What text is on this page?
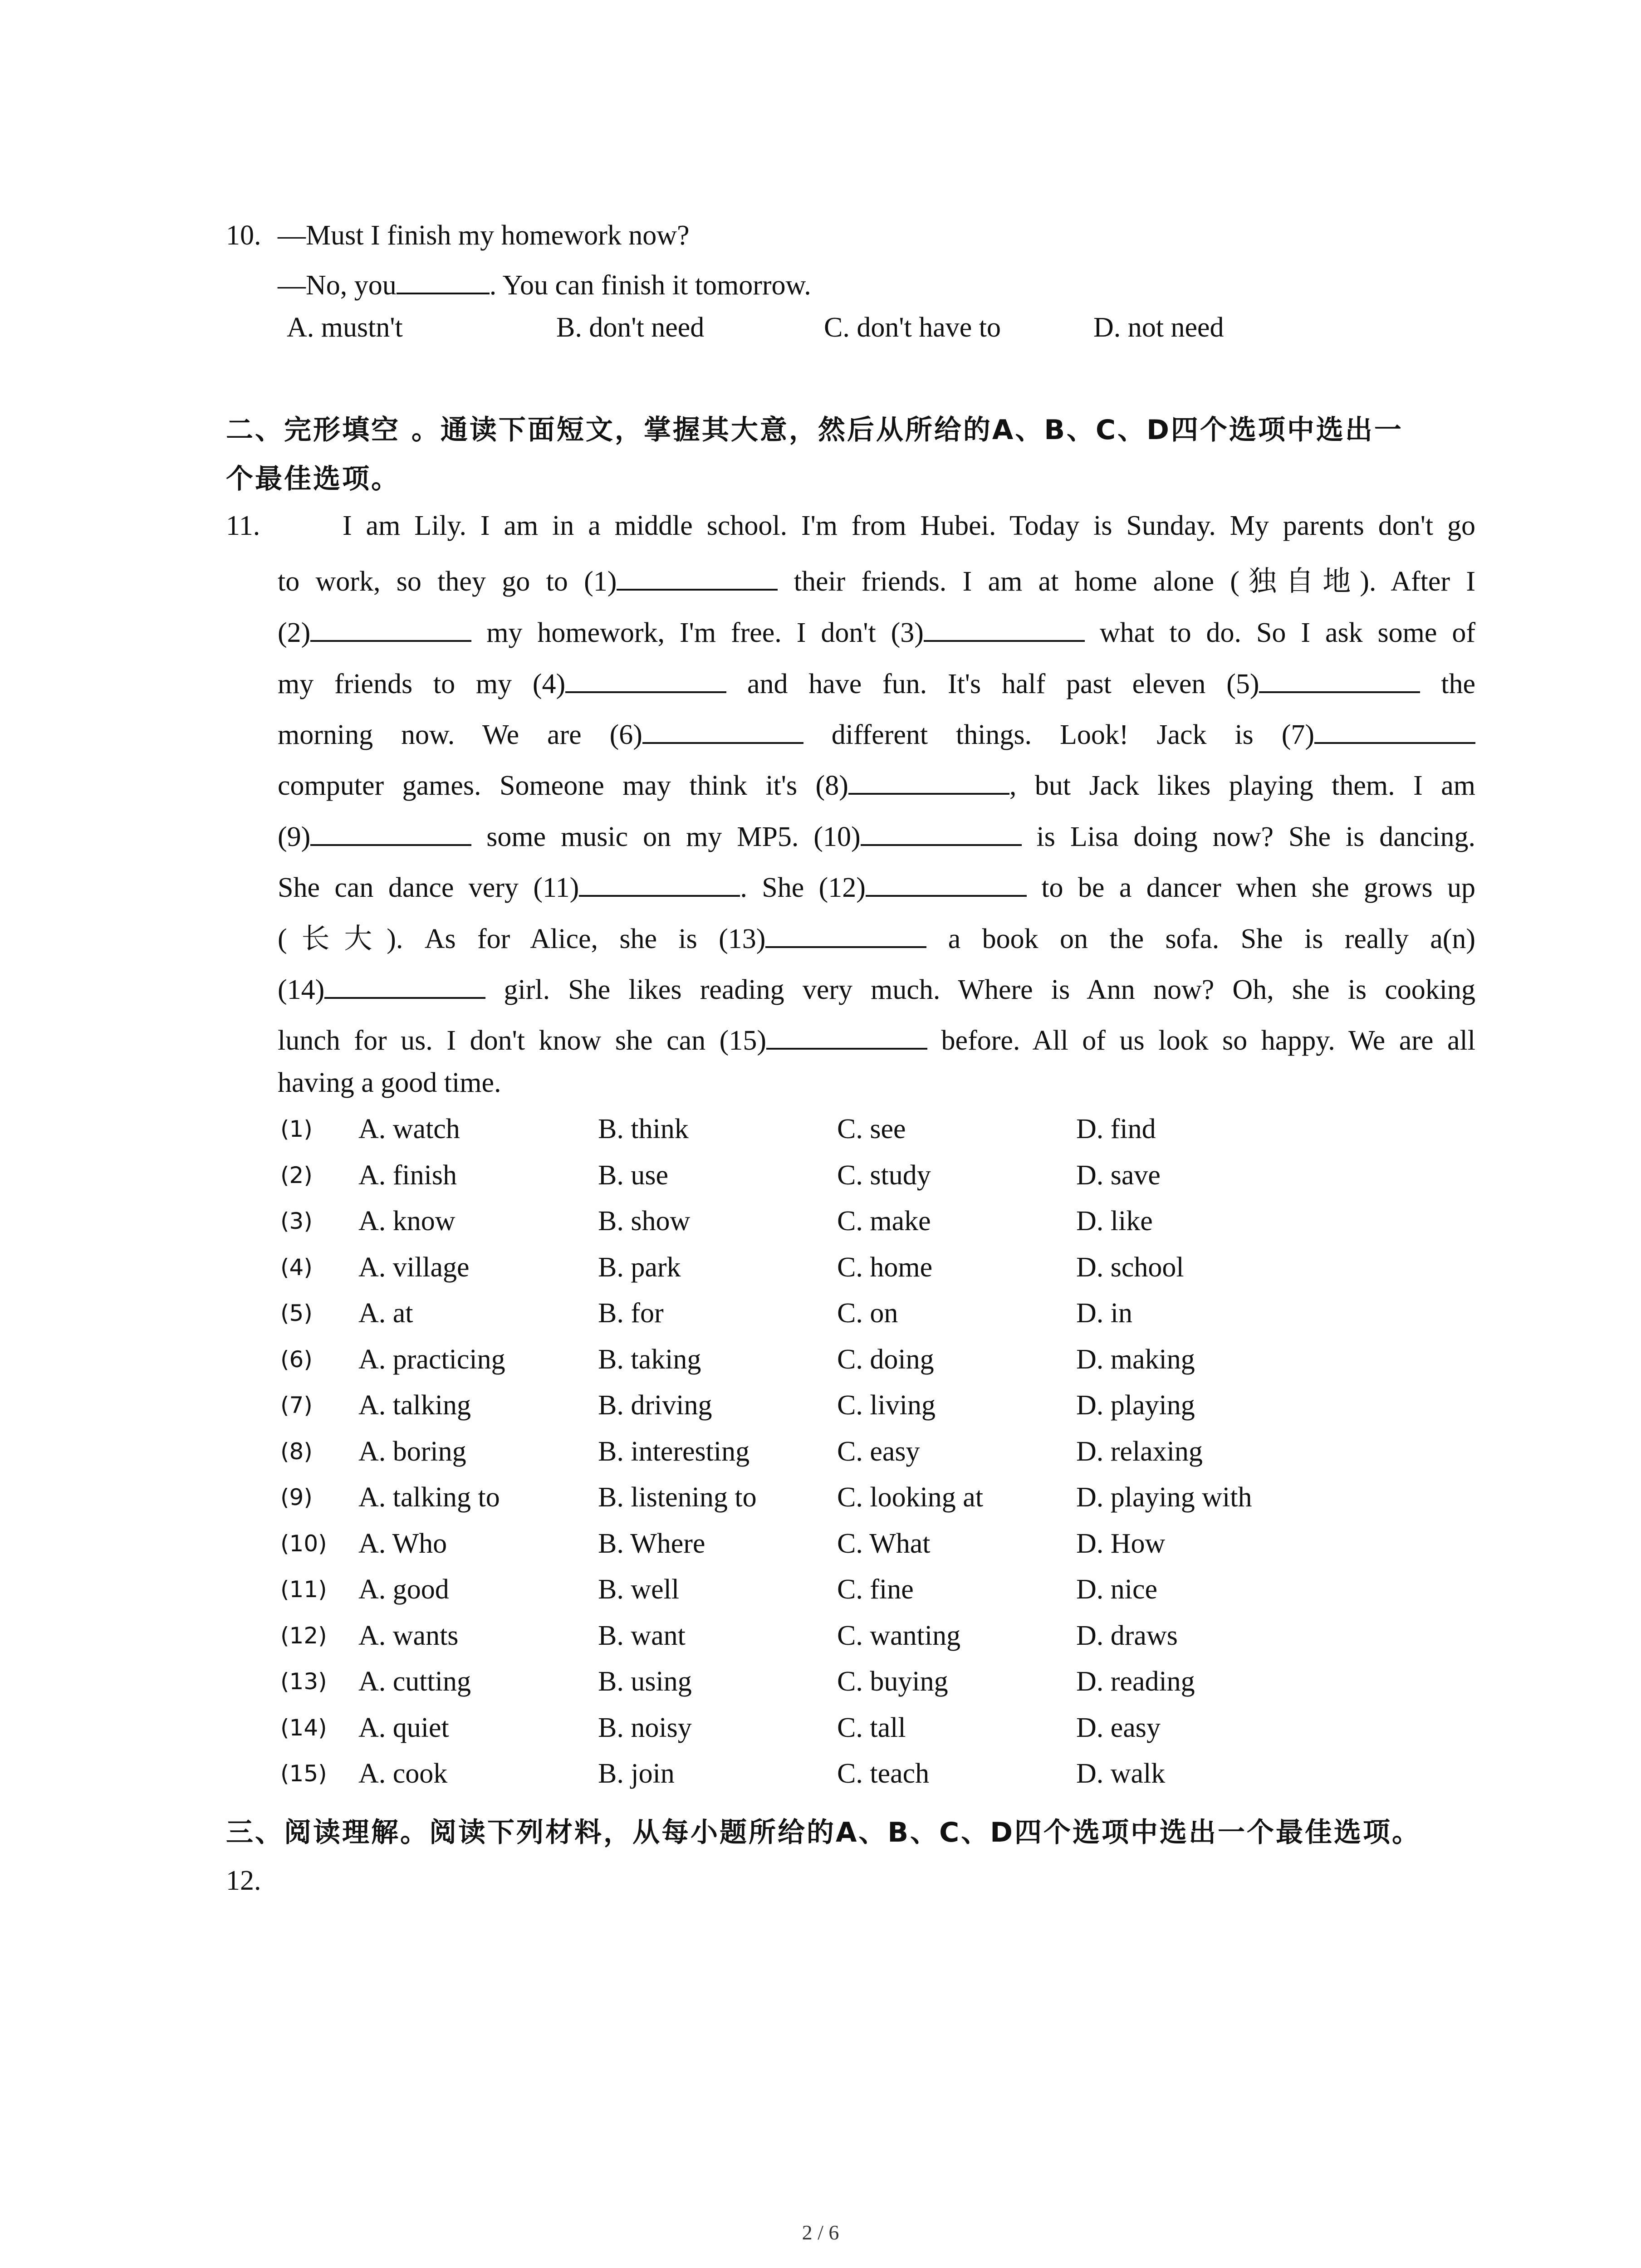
10. —Must I finish my homework now?
—No, you	. You can finish it tomorrow.
A. mustn't	B. don't need	C. don't have to	D. not need
二、完形填空 。通读下面短文，掌握其大意，然后从所给的A、B、C、D四个选项中选出一
个最佳选项。
11.	I am Lily. I am in a middle school. I'm from Hubei. Today is Sunday. My parents don't go
to work, so they go to (1)	their friends. I am at home alone (独自地). After I
(2)	my homework, I'm free. I don't (3)	what to do. So I ask some of
my friends to my (4)	and have fun. It's half past eleven (5)	the
morning now. We are (6)	different things. Look! Jack is (7)
computer games. Someone may think it's (8)	, but Jack likes playing them. I am
(9)	some music on my MP5. (10)	is Lisa doing now? She is dancing.
She can dance very (11)	. She (12)	to be a dancer when she grows up
(长大). As for Alice, she is (13)	a book on the sofa. She is really a(n)
(14)	girl. She likes reading very much. Where is Ann now? Oh, she is cooking
lunch for us. I don't know she can (15)	before. All of us look so happy. We are all
having a good time.
(1) A. watch	B. think	C. see	D. find
(2) A. finish	B. use	C. study	D. save
(3) A. know	B. show	C. make	D. like
(4) A. village	B. park	C. home	D. school
(5) A. at	B. for	C. on	D. in
(6) A. practicing	B. taking	C. doing	D. making
(7) A. talking	B. driving	C. living	D. playing
(8) A. boring	B. interesting	C. easy	D. relaxing
(9) A. talking to	B. listening to	C. looking at	D. playing with
(10) A. Who	B. Where	C. What	D. How
(11) A. good	B. well	C. fine	D. nice
(12) A. wants	B. want	C. wanting	D. draws
(13) A. cutting	B. using	C. buying	D. reading
(14) A. quiet	B. noisy	C. tall	D. easy
(15) A. cook	B. join	C. teach	D. walk
三、阅读理解。阅读下列材料，从每小题所给的A、B、C、D四个选项中选出一个最佳选项。
12.
2 / 6
